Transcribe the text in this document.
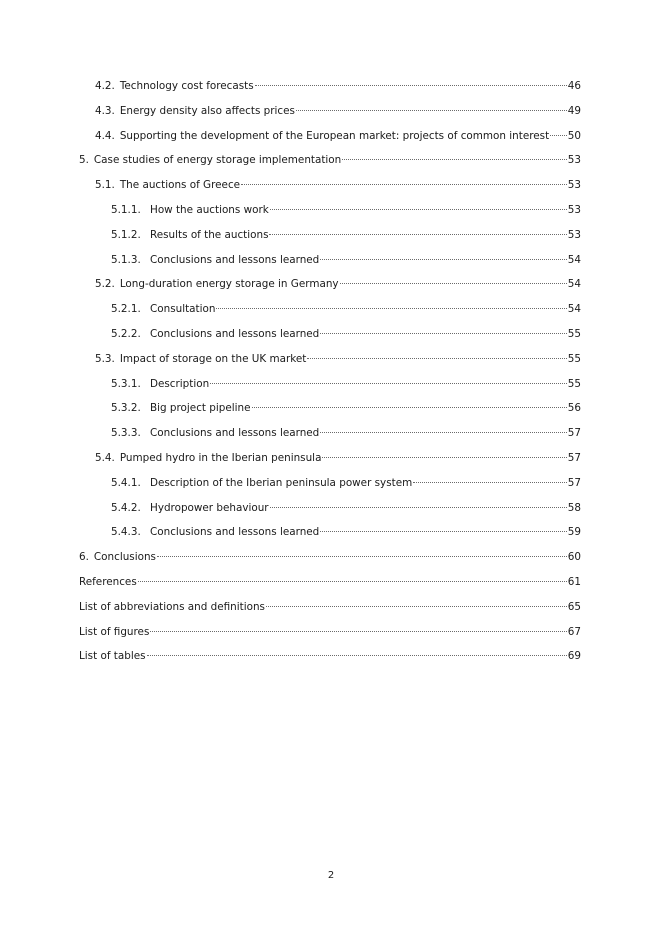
4.2. Technology cost forecasts	46
4.3. Energy density also affects prices	49
4.4. Supporting the development of the European market: projects of common interest 50
5. Case studies of energy storage implementation	53
5.1. The auctions of Greece	53
5.1.1. How the auctions work	53
5.1.2. Results of the auctions	53
5.1.3. Conclusions and lessons learned	54
5.2. Long-duration energy storage in Germany	54
5.2.1. Consultation	54
5.2.2. Conclusions and lessons learned	55
5.3. Impact of storage on the UK market	55
5.3.1. Description	55
5.3.2. Big project pipeline	56
5.3.3. Conclusions and lessons learned	57
5.4. Pumped hydro in the Iberian peninsula	57
5.4.1. Description of the Iberian peninsula power system	57
5.4.2. Hydropower behaviour	58
5.4.3. Conclusions and lessons learned	59
6. Conclusions	60
References	61
List of abbreviations and definitions	65
List of figures	67
List of tables	69
2
